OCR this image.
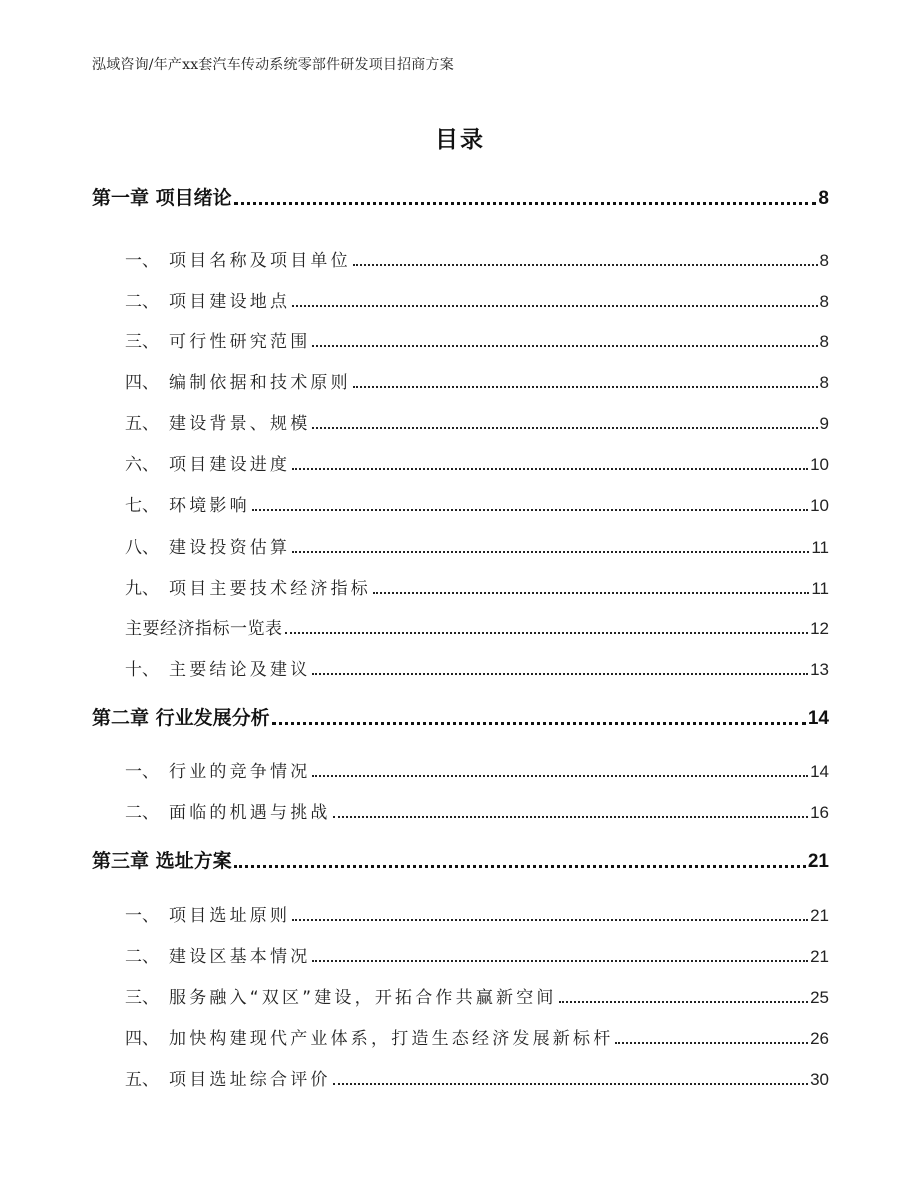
泓域咨询/年产xx套汽车传动系统零部件研发项目招商方案
目录
第一章 项目绪论	8
一、 项目名称及项目单位	8
二、 项目建设地点	8
三、 可行性研究范围	8
四、 编制依据和技术原则	8
五、 建设背景、规模	9
六、 项目建设进度	10
七、 环境影响	10
八、 建设投资估算	11
九、 项目主要技术经济指标	11
主要经济指标一览表	12
十、 主要结论及建议	13
第二章 行业发展分析	14
一、 行业的竞争情况	14
二、 面临的机遇与挑战	16
第三章 选址方案	21
一、 项目选址原则	21
二、 建设区基本情况	21
三、 服务融入“双区”建设，开拓合作共赢新空间	25
四、 加快构建现代产业体系，打造生态经济发展新标杆	26
五、 项目选址综合评价	30
